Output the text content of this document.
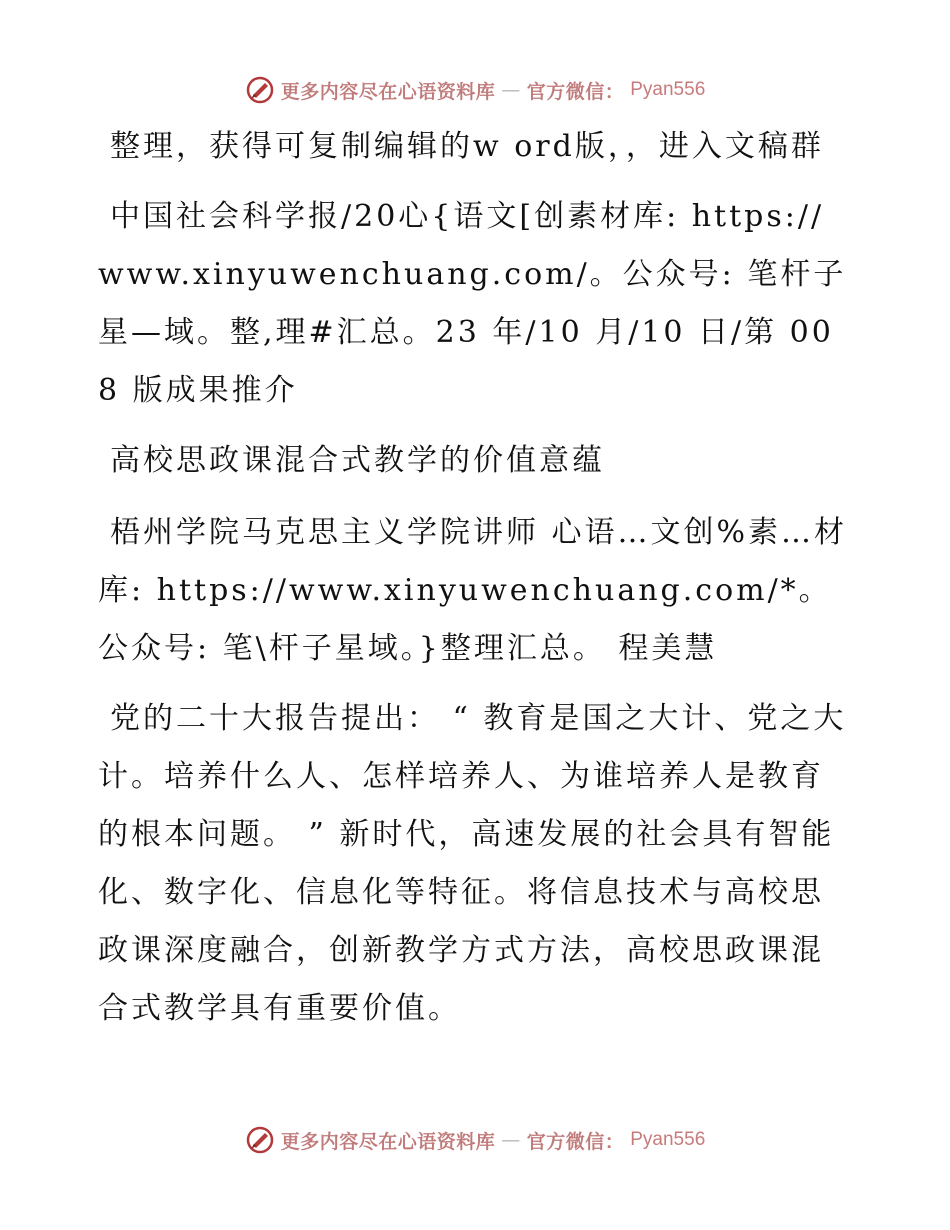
更多内容尽在心语资料库 — 官方微信： Pyan556

整理，获得可复制编辑的w ord版，，进入文稿群

中国社会科学报/20心{语文[创素材库: https://www.xinyuwenchuang.com/。公众号: 笔杆子星—域。整,理#汇总。23 年/10 月/10 日/第 008 版成果推介

高校思政课混合式教学的价值意蕴

梧州学院马克思主义学院讲师 心语…文创%素…材库: https://www.xinyuwenchuang.com/*。公众号: 笔\杆子星域。}整理汇总。 程美慧

党的二十大报告提出： “ 教育是国之大计、党之大计。培养什么人、怎样培养人、为谁培养人是教育的根本问题。 ” 新时代，高速发展的社会具有智能化、数字化、信息化等特征。将信息技术与高校思政课深度融合，创新教学方式方法，高校思政课混合式教学具有重要价值。

更多内容尽在心语资料库 — 官方微信： Pyan556
